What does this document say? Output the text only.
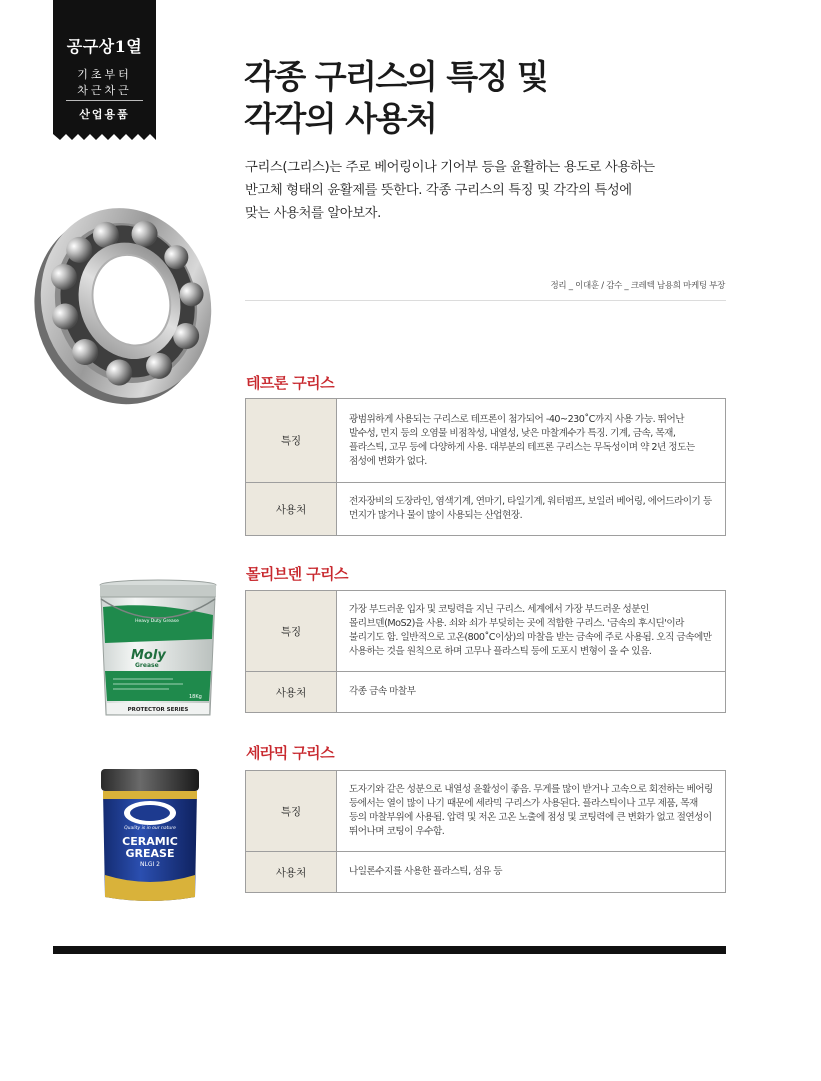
공구상1열
기초부터
차근차근
산업용품
각종 구리스의 특징 및
각각의 사용처

구리스(그리스)는 주로 베어링이나 기어부 등을 윤활하는 용도로 사용하는
반고체 형태의 윤활제를 뜻한다. 각종 구리스의 특징 및 각각의 특성에
맞는 사용처를 알아보자.

정리 _ 이대훈 / 감수 _ 크레텍 남용희 마케팅 부장
Heavy Duty Grease
Moly
Grease
18Kg
PROTECTOR SERIES
Quality is in our nature
CERAMIC
GREASE
NLGI 2
테프론 구리스
특징	광범위하게 사용되는 구리스로 테프론이 첨가되어 -40~230˚C까지 사용 가능. 뛰어난
발수성, 먼지 등의 오염물 비점착성, 내열성, 낮은 마찰계수가 특징. 기계, 금속, 목재,
플라스틱, 고무 등에 다양하게 사용. 대부분의 테프론 구리스는 무독성이며 약 2년 정도는
점성에 변화가 없다.

사용처	전자장비의 도장라인, 염색기계, 연마기, 타일기계, 워터펌프, 보일러 베어링, 에어드라이기 등
먼지가 많거나 물이 많이 사용되는 산업현장.
몰리브덴 구리스
특징	가장 부드러운 입자 및 코팅력을 지닌 구리스. 세계에서 가장 부드러운 성분인
몰리브덴(MoS2)을 사용. 쇠와 쇠가 부딪히는 곳에 적합한 구리스. '금속의 후시딘'이라
불리기도 함. 일반적으로 고온(800˚C이상)의 마찰을 받는 금속에 주로 사용됨. 오직 금속에만
사용하는 것을 원칙으로 하며 고무나 플라스틱 등에 도포시 변형이 올 수 있음.

사용처	각종 금속 마찰부
세라믹 구리스
특징	도자기와 같은 성분으로 내열성 윤활성이 좋음. 무게를 많이 받거나 고속으로 회전하는 베어링
등에서는 열이 많이 나기 때문에 세라믹 구리스가 사용된다. 플라스틱이나 고무 제품, 목재
등의 마찰부위에 사용됨. 압력 및 저온 고온 노출에 점성 및 코팅력에 큰 변화가 없고 절연성이
뛰어나며 코팅이 우수함.

사용처	나일론수지를 사용한 플라스틱, 섬유 등
